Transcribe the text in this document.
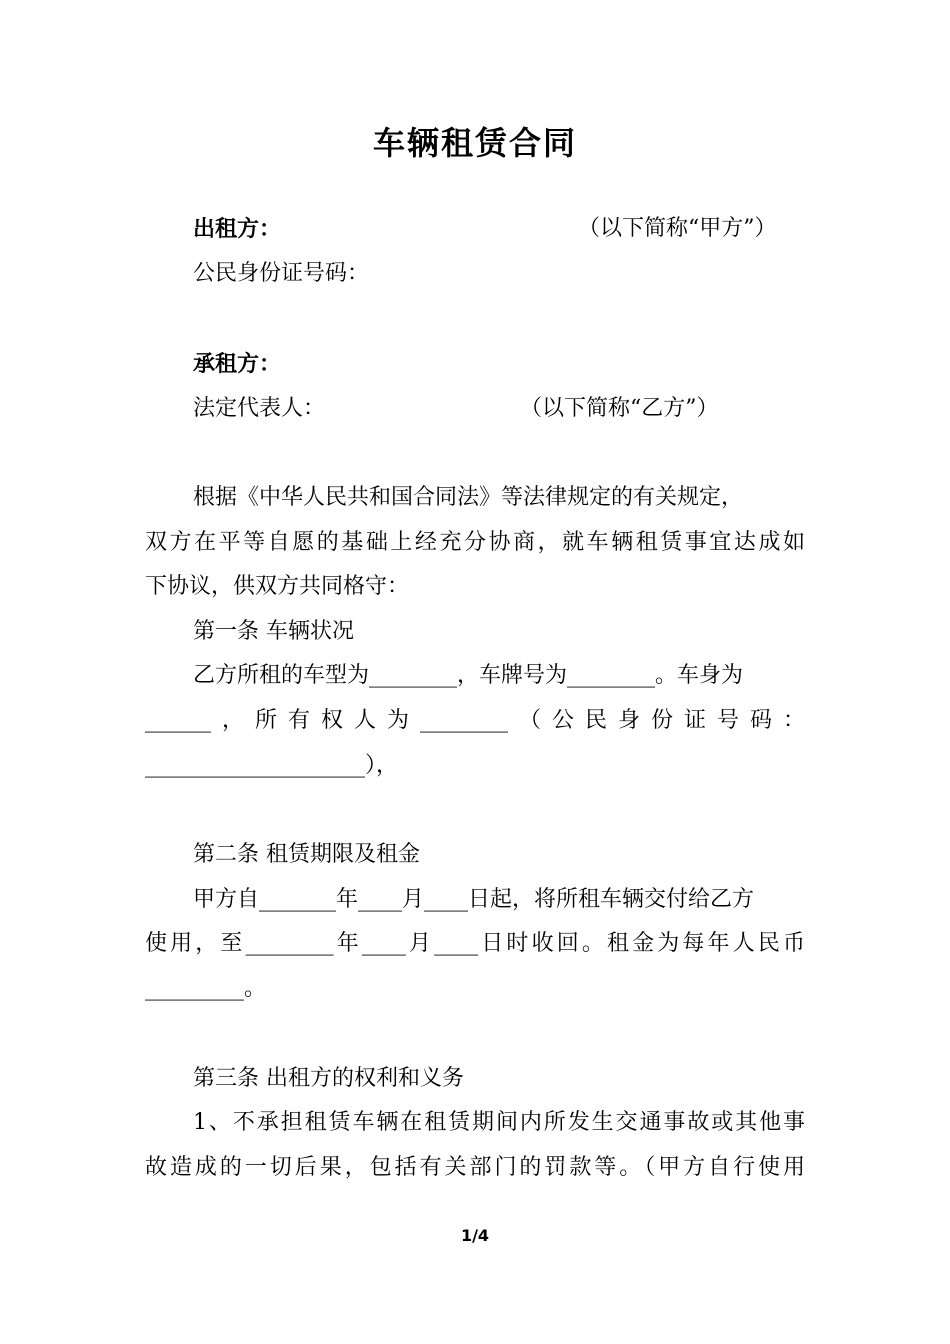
车辆租赁合同
出租方：	（以下简称“甲方”）
公民身份证号码：
承租方：
法定代表人：	（以下简称“乙方”）
根据《中华人民共和国合同法》等法律规定的有关规定，
双方在平等自愿的基础上经充分协商，就车辆租赁事宜达成如
下协议，供双方共同格守：
第一条 车辆状况
乙方所租的车型为________，车牌号为________。车身为
______，所有权人为________（公民身份证号码：
____________________），
第二条 租赁期限及租金
甲方自_______年____月____日起，将所租车辆交付给乙方
使用，至________年____月____日时收回。租金为每年人民币
_________。
第三条 出租方的权利和义务
1、不承担租赁车辆在租赁期间内所发生交通事故或其他事
故造成的一切后果，包括有关部门的罚款等。（甲方自行使用
1/4
